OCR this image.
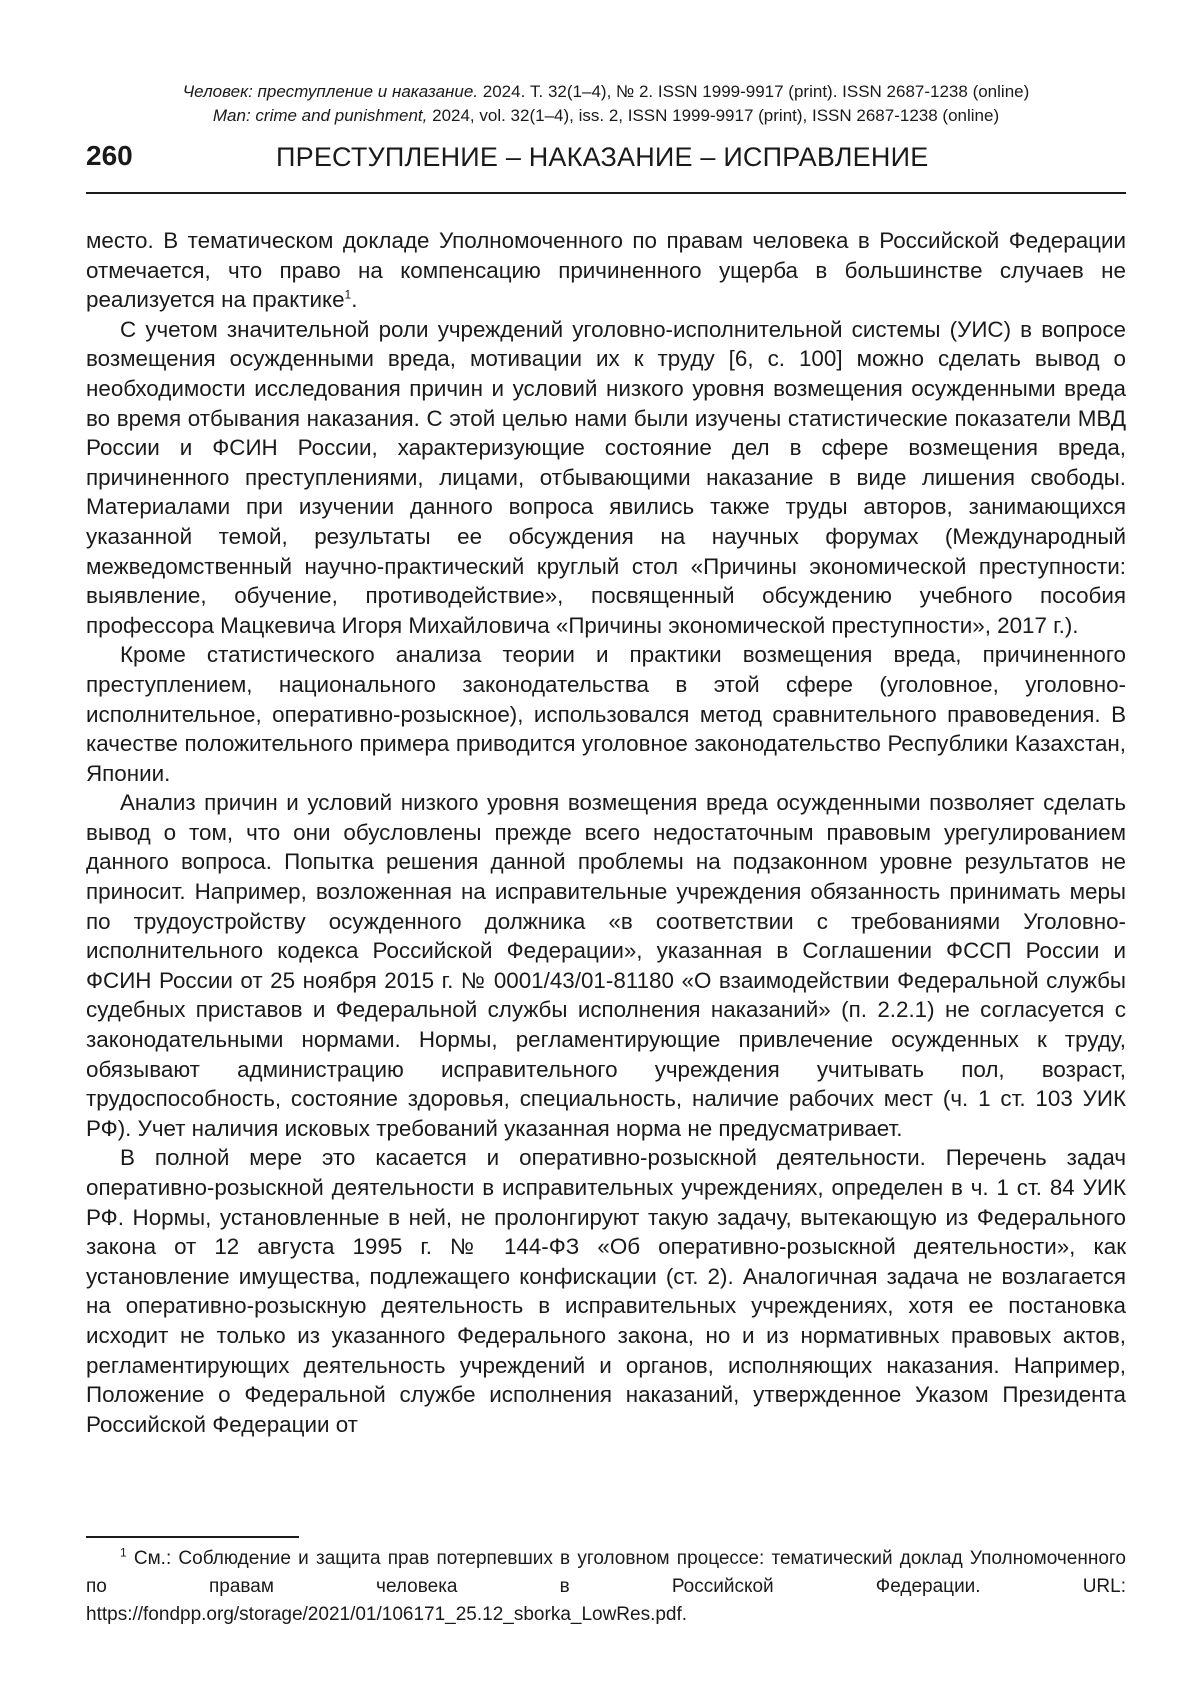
Человек: преступление и наказание. 2024. Т. 32(1–4), № 2. ISSN 1999-9917 (print). ISSN 2687-1238 (online)
Man: crime and punishment, 2024, vol. 32(1–4), iss. 2, ISSN 1999-9917 (print), ISSN 2687-1238 (online)
260	ПРЕСТУПЛЕНИЕ – НАКАЗАНИЕ – ИСПРАВЛЕНИЕ

место. В тематическом докладе Уполномоченного по правам человека в Российской Федерации отмечается, что право на компенсацию причиненного ущерба в большинстве случаев не реализуется на практике$^1$.

С учетом значительной роли учреждений уголовно-исполнительной системы (УИС) в вопросе возмещения осужденными вреда, мотивации их к труду [6, с. 100] можно сделать вывод о необходимости исследования причин и условий низкого уровня возмещения осужденными вреда во время отбывания наказания. С этой целью нами были изучены статистические показатели МВД России и ФСИН России, характеризующие состояние дел в сфере возмещения вреда, причиненного преступлениями, лицами, отбывающими наказание в виде лишения свободы. Материалами при изучении данного вопроса явились также труды авторов, занимающихся указанной темой, результаты ее обсуждения на научных форумах (Международный межведомственный научно-практический круглый стол «Причины экономической преступности: выявление, обучение, противодействие», посвященный обсуждению учебного пособия профессора Мацкевича Игоря Михайловича «Причины экономической преступности», 2017 г.).

Кроме статистического анализа теории и практики возмещения вреда, причиненного преступлением, национального законодательства в этой сфере (уголовное, уголовно-исполнительное, оперативно-розыскное), использовался метод сравнительного правоведения. В качестве положительного примера приводится уголовное законодательство Республики Казахстан, Японии.

Анализ причин и условий низкого уровня возмещения вреда осужденными позволяет сделать вывод о том, что они обусловлены прежде всего недостаточным правовым урегулированием данного вопроса. Попытка решения данной проблемы на подзаконном уровне результатов не приносит. Например, возложенная на исправительные учреждения обязанность принимать меры по трудоустройству осужденного должника «в соответствии с требованиями Уголовно-исполнительного кодекса Российской Федерации», указанная в Соглашении ФССП России и ФСИН России от 25 ноября 2015 г. № 0001/43/01-81180 «О взаимодействии Федеральной службы судебных приставов и Федеральной службы исполнения наказаний» (п. 2.2.1) не согласуется с законодательными нормами. Нормы, регламентирующие привлечение осужденных к труду, обязывают администрацию исправительного учреждения учитывать пол, возраст, трудоспособность, состояние здоровья, специальность, наличие рабочих мест (ч. 1 ст. 103 УИК РФ). Учет наличия исковых требований указанная норма не предусматривает.

В полной мере это касается и оперативно-розыскной деятельности. Перечень задач оперативно-розыскной деятельности в исправительных учреждениях, определен в ч. 1 ст. 84 УИК РФ. Нормы, установленные в ней, не пролонгируют такую задачу, вытекающую из Федерального закона от 12 августа 1995 г. № 144-ФЗ «Об оперативно-розыскной деятельности», как установление имущества, подлежащего конфискации (ст. 2). Аналогичная задача не возлагается на оперативно-розыскную деятельность в исправительных учреждениях, хотя ее постановка исходит не только из указанного Федерального закона, но и из нормативных правовых актов, регламентирующих деятельность учреждений и органов, исполняющих наказания. Например, Положение о Федеральной службе исполнения наказаний, утвержденное Указом Президента Российской Федерации от

$^1$ См.: Соблюдение и защита прав потерпевших в уголовном процессе: тематический доклад Уполномоченного по правам человека в Российской Федерации. URL: https://fondpp.org/storage/2021/01/106171_25.12_sborka_LowRes.pdf.
